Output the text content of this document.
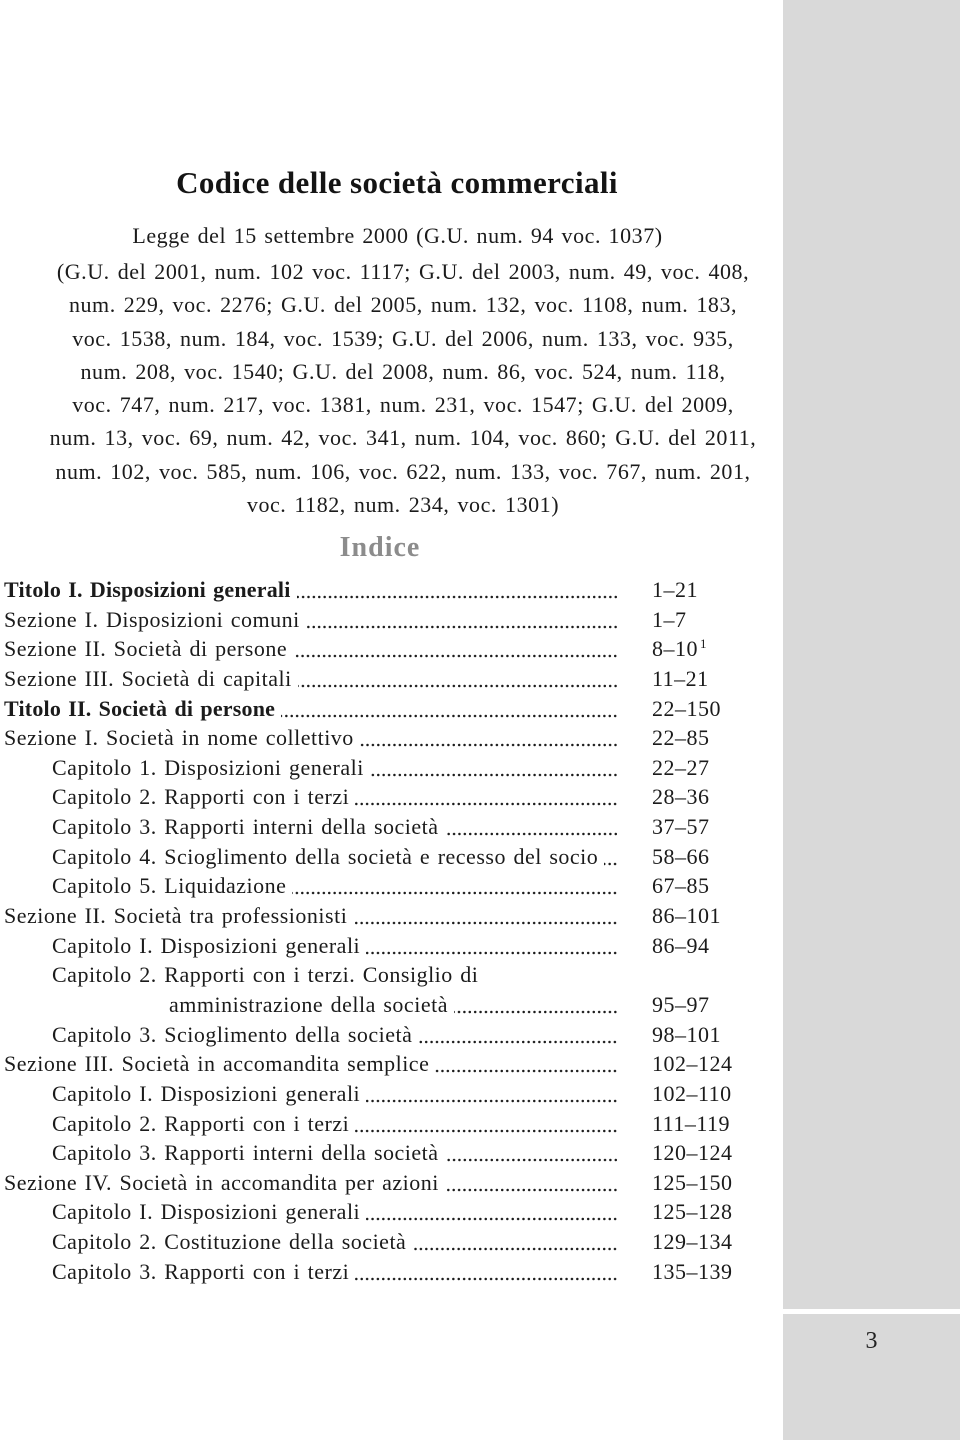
3
Codice delle società commerciali
Legge del 15 settembre 2000 (G.U. num. 94 voc. 1037)
(G.U. del 2001, num. 102 voc. 1117; G.U. del 2003, num. 49, voc. 408,
num. 229, voc. 2276; G.U. del 2005, num. 132, voc. 1108, num. 183,
voc. 1538, num. 184, voc. 1539; G.U. del 2006, num. 133, voc. 935,
num. 208, voc. 1540; G.U. del 2008, num. 86, voc. 524, num. 118,
voc. 747, num. 217, voc. 1381, num. 231, voc. 1547; G.U. del 2009,
num. 13, voc. 69, num. 42, voc. 341, num. 104, voc. 860; G.U. del 2011,
num. 102, voc. 585, num. 106, voc. 622, num. 133, voc. 767, num. 201,
voc. 1182, num. 234, voc. 1301)
Indice
Titolo I. Disposizioni generali	1–21
Sezione I. Disposizioni comuni	1–7
Sezione II. Società di persone	8–10 $^1$
Sezione III. Società di capitali	11–21
Titolo II. Società di persone	22–150
Sezione I. Società in nome collettivo	22–85
Capitolo 1. Disposizioni generali	22–27
Capitolo 2. Rapporti con i terzi	28–36
Capitolo 3. Rapporti interni della società	37–57
Capitolo 4. Scioglimento della società e recesso del socio 58–66
Capitolo 5. Liquidazione	67–85
Sezione II. Società tra professionisti	86–101
Capitolo I. Disposizioni generali	86–94
Capitolo 2. Rapporti con i terzi. Consiglio di
amministrazione della società	95–97
Capitolo 3. Scioglimento della società	98–101
Sezione III. Società in accomandita semplice	102–124
Capitolo I. Disposizioni generali	102–110
Capitolo 2. Rapporti con i terzi	111–119
Capitolo 3. Rapporti interni della società	120–124
Sezione IV. Società in accomandita per azioni	125–150
Capitolo I. Disposizioni generali	125–128
Capitolo 2. Costituzione della società	129–134
Capitolo 3. Rapporti con i terzi	135–139
